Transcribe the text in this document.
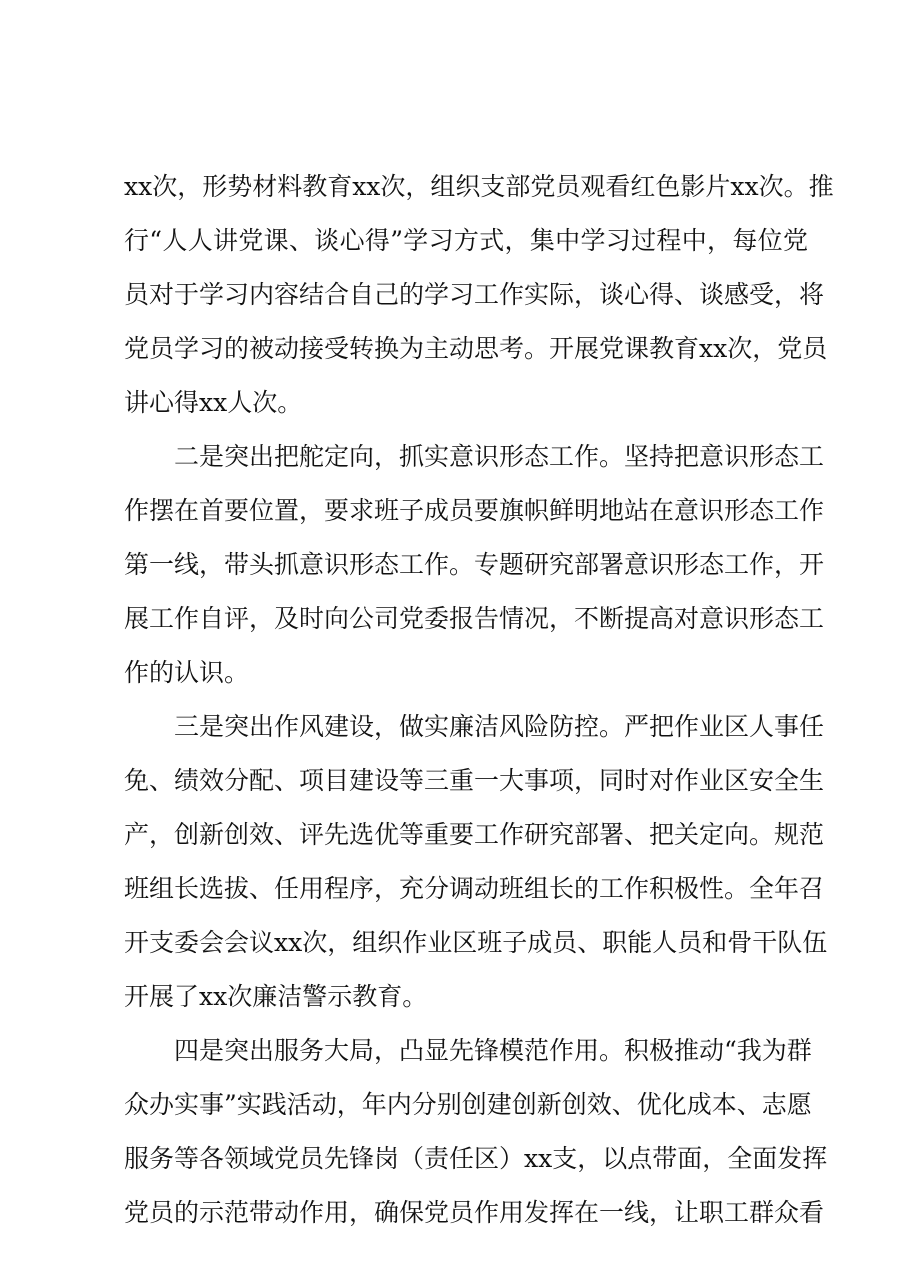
xx次，形势材料教育xx次，组织支部党员观看红色影片xx次。推
行“人人讲党课、谈心得”学习方式，集中学习过程中，每位党
员对于学习内容结合自己的学习工作实际，谈心得、谈感受，将
党员学习的被动接受转换为主动思考。开展党课教育xx次，党员
讲心得xx人次。
二是突出把舵定向，抓实意识形态工作。坚持把意识形态工
作摆在首要位置，要求班子成员要旗帜鲜明地站在意识形态工作
第一线，带头抓意识形态工作。专题研究部署意识形态工作，开
展工作自评，及时向公司党委报告情况，不断提高对意识形态工
作的认识。
三是突出作风建设，做实廉洁风险防控。严把作业区人事任
免、绩效分配、项目建设等三重一大事项，同时对作业区安全生
产，创新创效、评先选优等重要工作研究部署、把关定向。规范
班组长选拔、任用程序，充分调动班组长的工作积极性。全年召
开支委会会议xx次，组织作业区班子成员、职能人员和骨干队伍
开展了xx次廉洁警示教育。
四是突出服务大局，凸显先锋模范作用。积极推动“我为群
众办实事”实践活动，年内分别创建创新创效、优化成本、志愿
服务等各领域党员先锋岗（责任区）xx支，以点带面，全面发挥
党员的示范带动作用，确保党员作用发挥在一线，让职工群众看
